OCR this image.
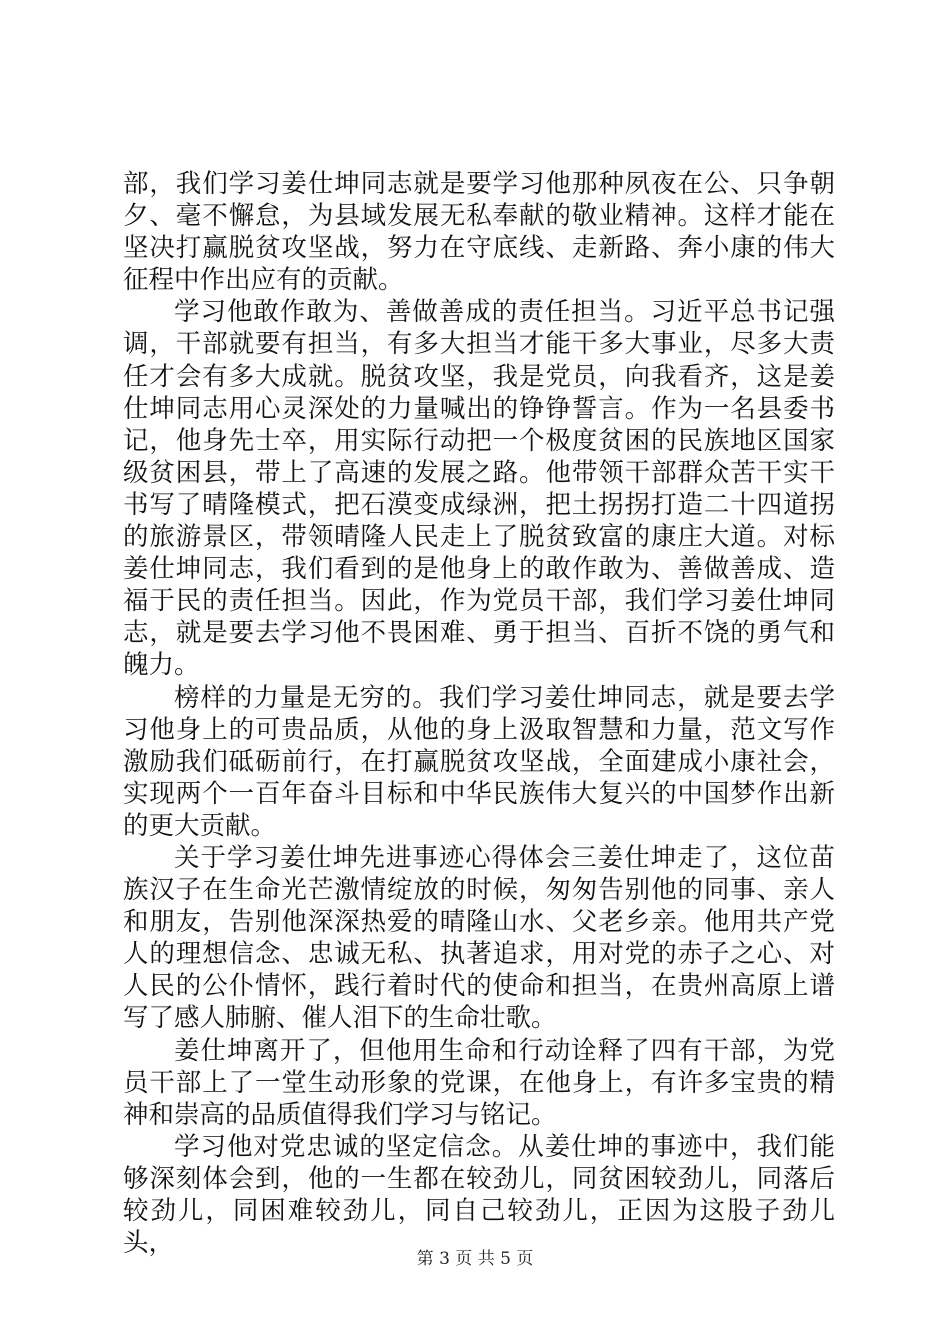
部，我们学习姜仕坤同志就是要学习他那种夙夜在公、只争朝夕、毫不懈怠，为县域发展无私奉献的敬业精神。这样才能在坚决打赢脱贫攻坚战，努力在守底线、走新路、奔小康的伟大征程中作出应有的贡献。

学习他敢作敢为、善做善成的责任担当。习近平总书记强调，干部就要有担当，有多大担当才能干多大事业，尽多大责任才会有多大成就。脱贫攻坚，我是党员，向我看齐，这是姜仕坤同志用心灵深处的力量喊出的铮铮誓言。作为一名县委书记，他身先士卒，用实际行动把一个极度贫困的民族地区国家级贫困县，带上了高速的发展之路。他带领干部群众苦干实干书写了晴隆模式，把石漠变成绿洲，把土拐拐打造二十四道拐的旅游景区，带领晴隆人民走上了脱贫致富的康庄大道。对标姜仕坤同志，我们看到的是他身上的敢作敢为、善做善成、造福于民的责任担当。因此，作为党员干部，我们学习姜仕坤同志，就是要去学习他不畏困难、勇于担当、百折不饶的勇气和魄力。

榜样的力量是无穷的。我们学习姜仕坤同志，就是要去学习他身上的可贵品质，从他的身上汲取智慧和力量，范文写作激励我们砥砺前行，在打赢脱贫攻坚战，全面建成小康社会，实现两个一百年奋斗目标和中华民族伟大复兴的中国梦作出新的更大贡献。

关于学习姜仕坤先进事迹心得体会三姜仕坤走了，这位苗族汉子在生命光芒激情绽放的时候，匆匆告别他的同事、亲人和朋友，告别他深深热爱的晴隆山水、父老乡亲。他用共产党人的理想信念、忠诚无私、执著追求，用对党的赤子之心、对人民的公仆情怀，践行着时代的使命和担当，在贵州高原上谱写了感人肺腑、催人泪下的生命壮歌。

姜仕坤离开了，但他用生命和行动诠释了四有干部，为党员干部上了一堂生动形象的党课，在他身上，有许多宝贵的精神和崇高的品质值得我们学习与铭记。

学习他对党忠诚的坚定信念。从姜仕坤的事迹中，我们能够深刻体会到，他的一生都在较劲儿，同贫困较劲儿，同落后较劲儿，同困难较劲儿，同自己较劲儿，正因为这股子劲儿头，

第 3 页 共 5 页
